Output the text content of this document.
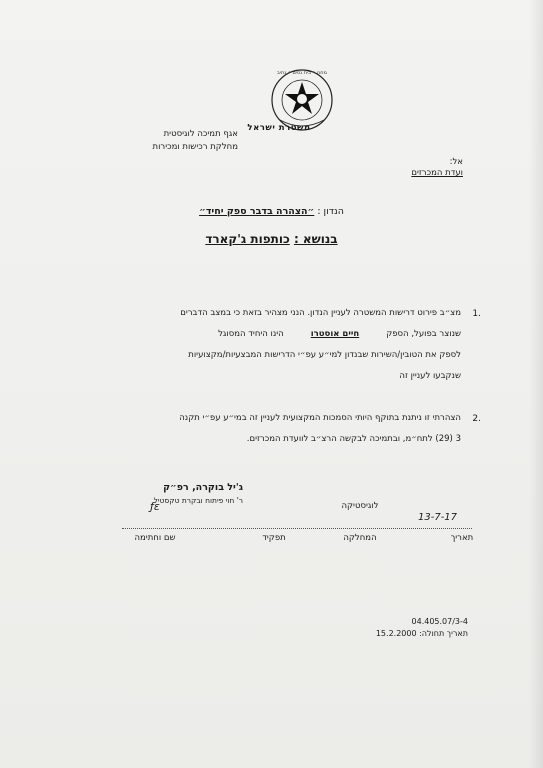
מחוז • בית נסים • נתיב
משטרת ישראל
אגף תמיכה לוגיסטית
מחלקת רכישות ומכירות
אל:
ועדת המכרזים
הנדון : ״הצהרה בדבר ספק יחיד״
בנושא : כותפות ג'קארד
1.
מצ״ב פירוט דרישות המשטרה לעניין הנדון. הנני מצהיר בזאת כי במצב הדברים
שנוצר בפועל, הספק          חיים אוסטרו          הינו היחיד המסוגל
לספק את הטובין/השירות שבנדון למי״ע עפ״י הדרישות המבצעיות/מקצועיות
שנקבעו לעניין זה
2.
הצהרתי זו ניתנת בתוקף היותי הסמכות המקצועית לעניין זה במי״ע עפ״י תקנה
3 (29) לתח״מ, ובתמיכה לבקשה הרצ״ב לוועדת המכרזים.
ƒε
ג'יל בוקרה, רפ״ק
ר' חוי פיתוח ובקרת טקסטיל
לוגיסטיקה
13-7-17
תאריך
המחלקה
תפקיד
שם וחתימה
04.405.07/3-4
תאריך תחולה: 15.2.2000
